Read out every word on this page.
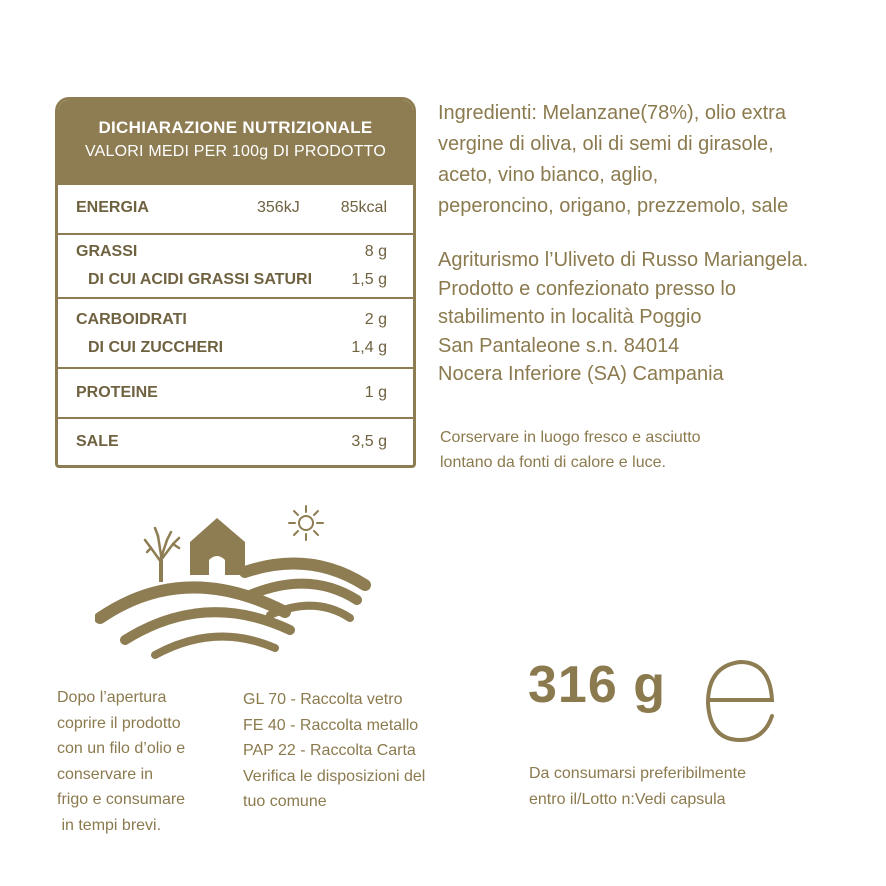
DICHIARAZIONE NUTRIZIONALE
VALORI MEDI PER 100g DI PRODOTTO
ENERGIA	356kJ	85kcal
GRASSI	8 g
DI CUI ACIDI GRASSI SATURI 1,5 g
CARBOIDRATI	2 g
DI CUI ZUCCHERI	1,4 g
PROTEINE	1 g
SALE	3,5 g
Ingredienti: Melanzane(78%), olio extra
vergine di oliva, oli di semi di girasole,
aceto, vino bianco, aglio,
peperoncino, origano, prezzemolo, sale
Agriturismo l’Uliveto di Russo Mariangela.
Prodotto e confezionato presso lo
stabilimento in località Poggio
San Pantaleone s.n. 84014
Nocera Inferiore (SA) Campania
Corservare in luogo fresco e asciutto
lontano da fonti di calore e luce.
Dopo l’apertura
coprire il prodotto
con un filo d’olio e
conservare in
frigo e consumare
in tempi brevi.
GL 70 - Raccolta vetro
FE 40 - Raccolta metallo
PAP 22 - Raccolta Carta
Verifica le disposizioni del
tuo comune
316 g
Da consumarsi preferibilmente
entro il/Lotto n:Vedi capsula
